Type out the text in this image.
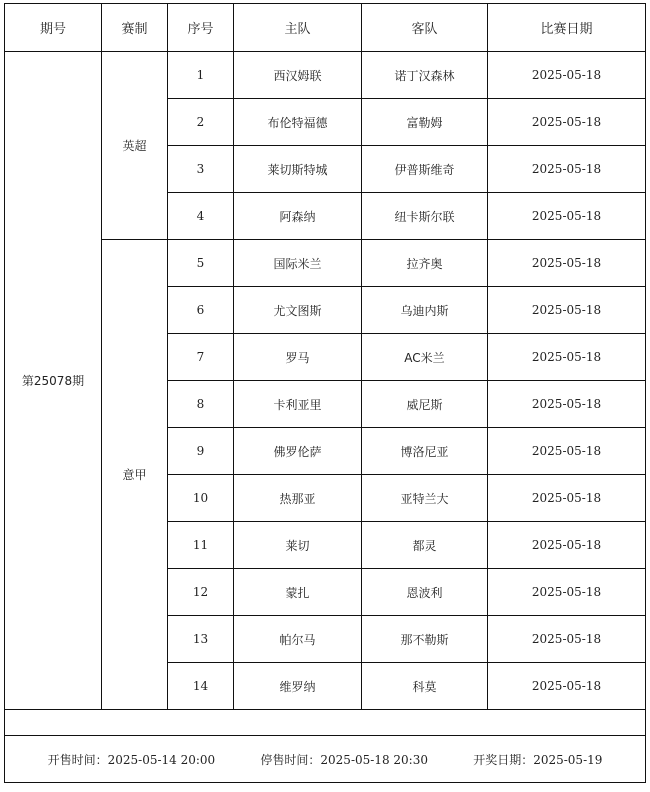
期号	赛制	序号	主队	客队	比赛日期
第25078期	英超	1	西汉姆联	诺丁汉森林	2025-05-18
		2	布伦特福德	富勒姆	2025-05-18
		3	莱切斯特城	伊普斯维奇	2025-05-18
		4	阿森纳	纽卡斯尔联	2025-05-18
	意甲	5	国际米兰	拉齐奥	2025-05-18
		6	尤文图斯	乌迪内斯	2025-05-18
		7	罗马	AC米兰	2025-05-18
		8	卡利亚里	威尼斯	2025-05-18
		9	佛罗伦萨	博洛尼亚	2025-05-18
		10	热那亚	亚特兰大	2025-05-18
		11	莱切	都灵	2025-05-18
		12	蒙扎	恩波利	2025-05-18
		13	帕尔马	那不勒斯	2025-05-18
		14	维罗纳	科莫	2025-05-18

开售时间：2025-05-14 20:00 停售时间：2025-05-18 20:30 开奖日期：2025-05-19					
